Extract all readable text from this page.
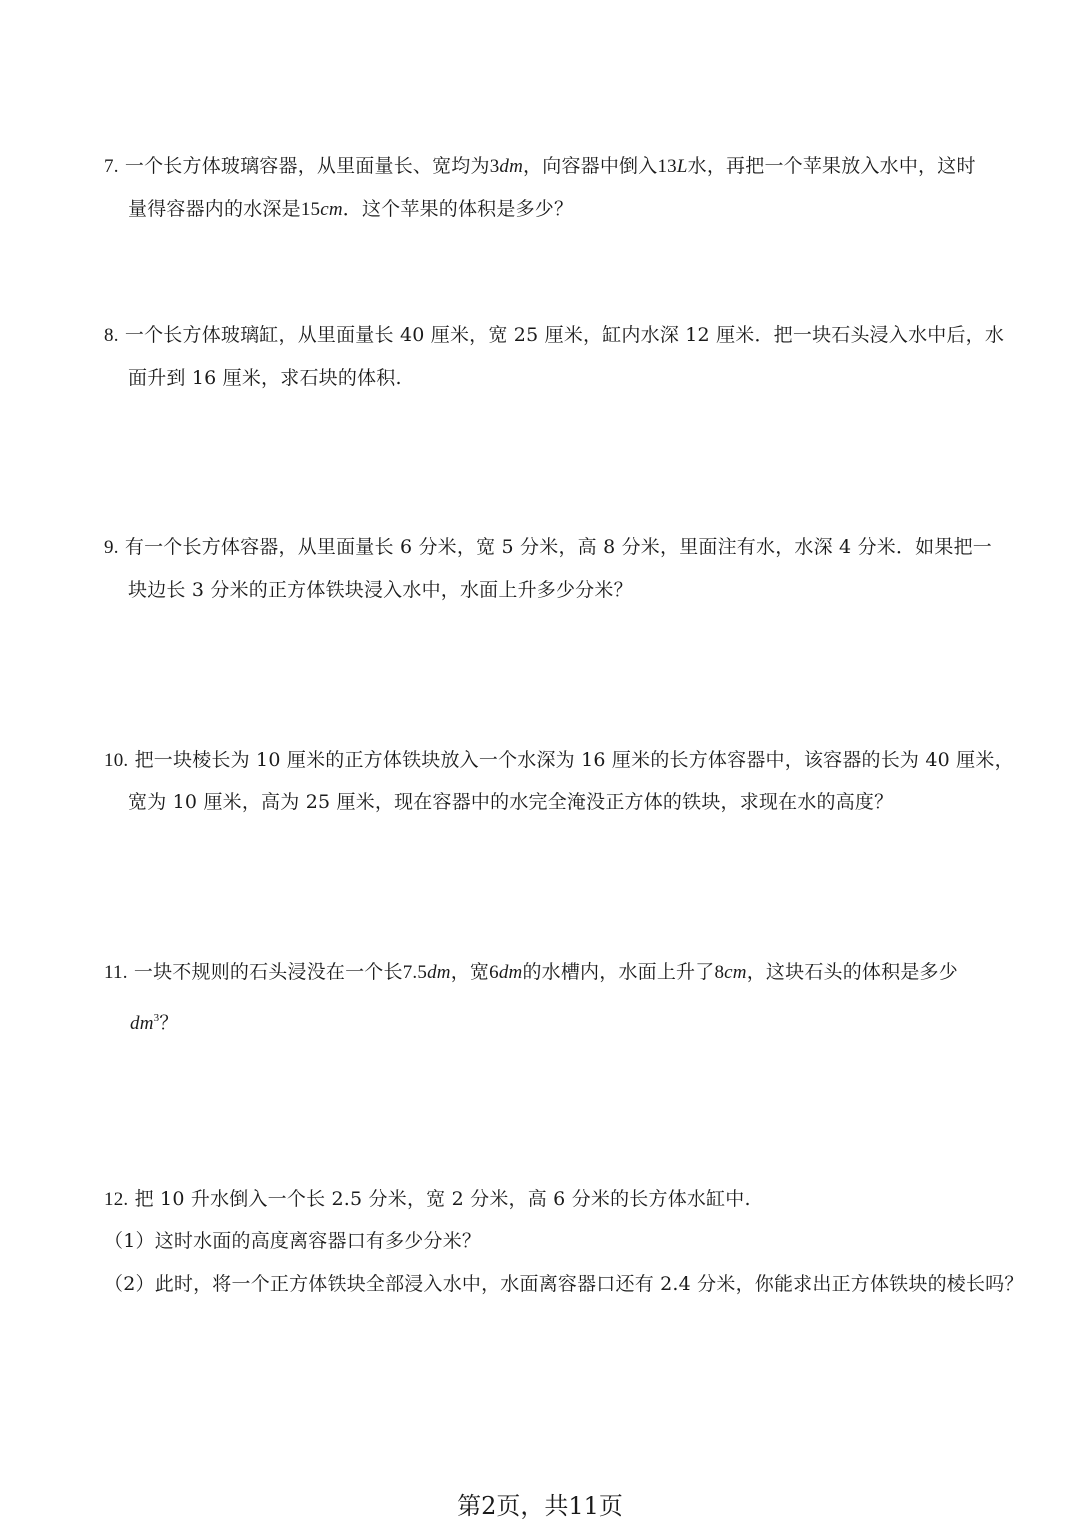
7. 一个长方体玻璃容器，从里面量长、宽均为3dm，向容器中倒入13L水，再把一个苹果放入水中，这时
量得容器内的水深是15cm．这个苹果的体积是多少？
8. 一个长方体玻璃缸，从里面量长 40 厘米，宽 25 厘米，缸内水深 12 厘米．把一块石头浸入水中后，水
面升到 16 厘米，求石块的体积.
9. 有一个长方体容器，从里面量长 6 分米，宽 5 分米，高 8 分米，里面注有水，水深 4 分米．如果把一
块边长 3 分米的正方体铁块浸入水中，水面上升多少分米？
10. 把一块棱长为 10 厘米的正方体铁块放入一个水深为 16 厘米的长方体容器中，该容器的长为 40 厘米，
宽为 10 厘米，高为 25 厘米，现在容器中的水完全淹没正方体的铁块，求现在水的高度？
11. 一块不规则的石头浸没在一个长7.5dm，宽6dm的水槽内，水面上升了8cm，这块石头的体积是多少
$dm^3$？
12. 把 10 升水倒入一个长 2.5 分米，宽 2 分米，高 6 分米的长方体水缸中.
（1）这时水面的高度离容器口有多少分米？
（2）此时，将一个正方体铁块全部浸入水中，水面离容器口还有 2.4 分米，你能求出正方体铁块的棱长吗？
第2页，共11页
